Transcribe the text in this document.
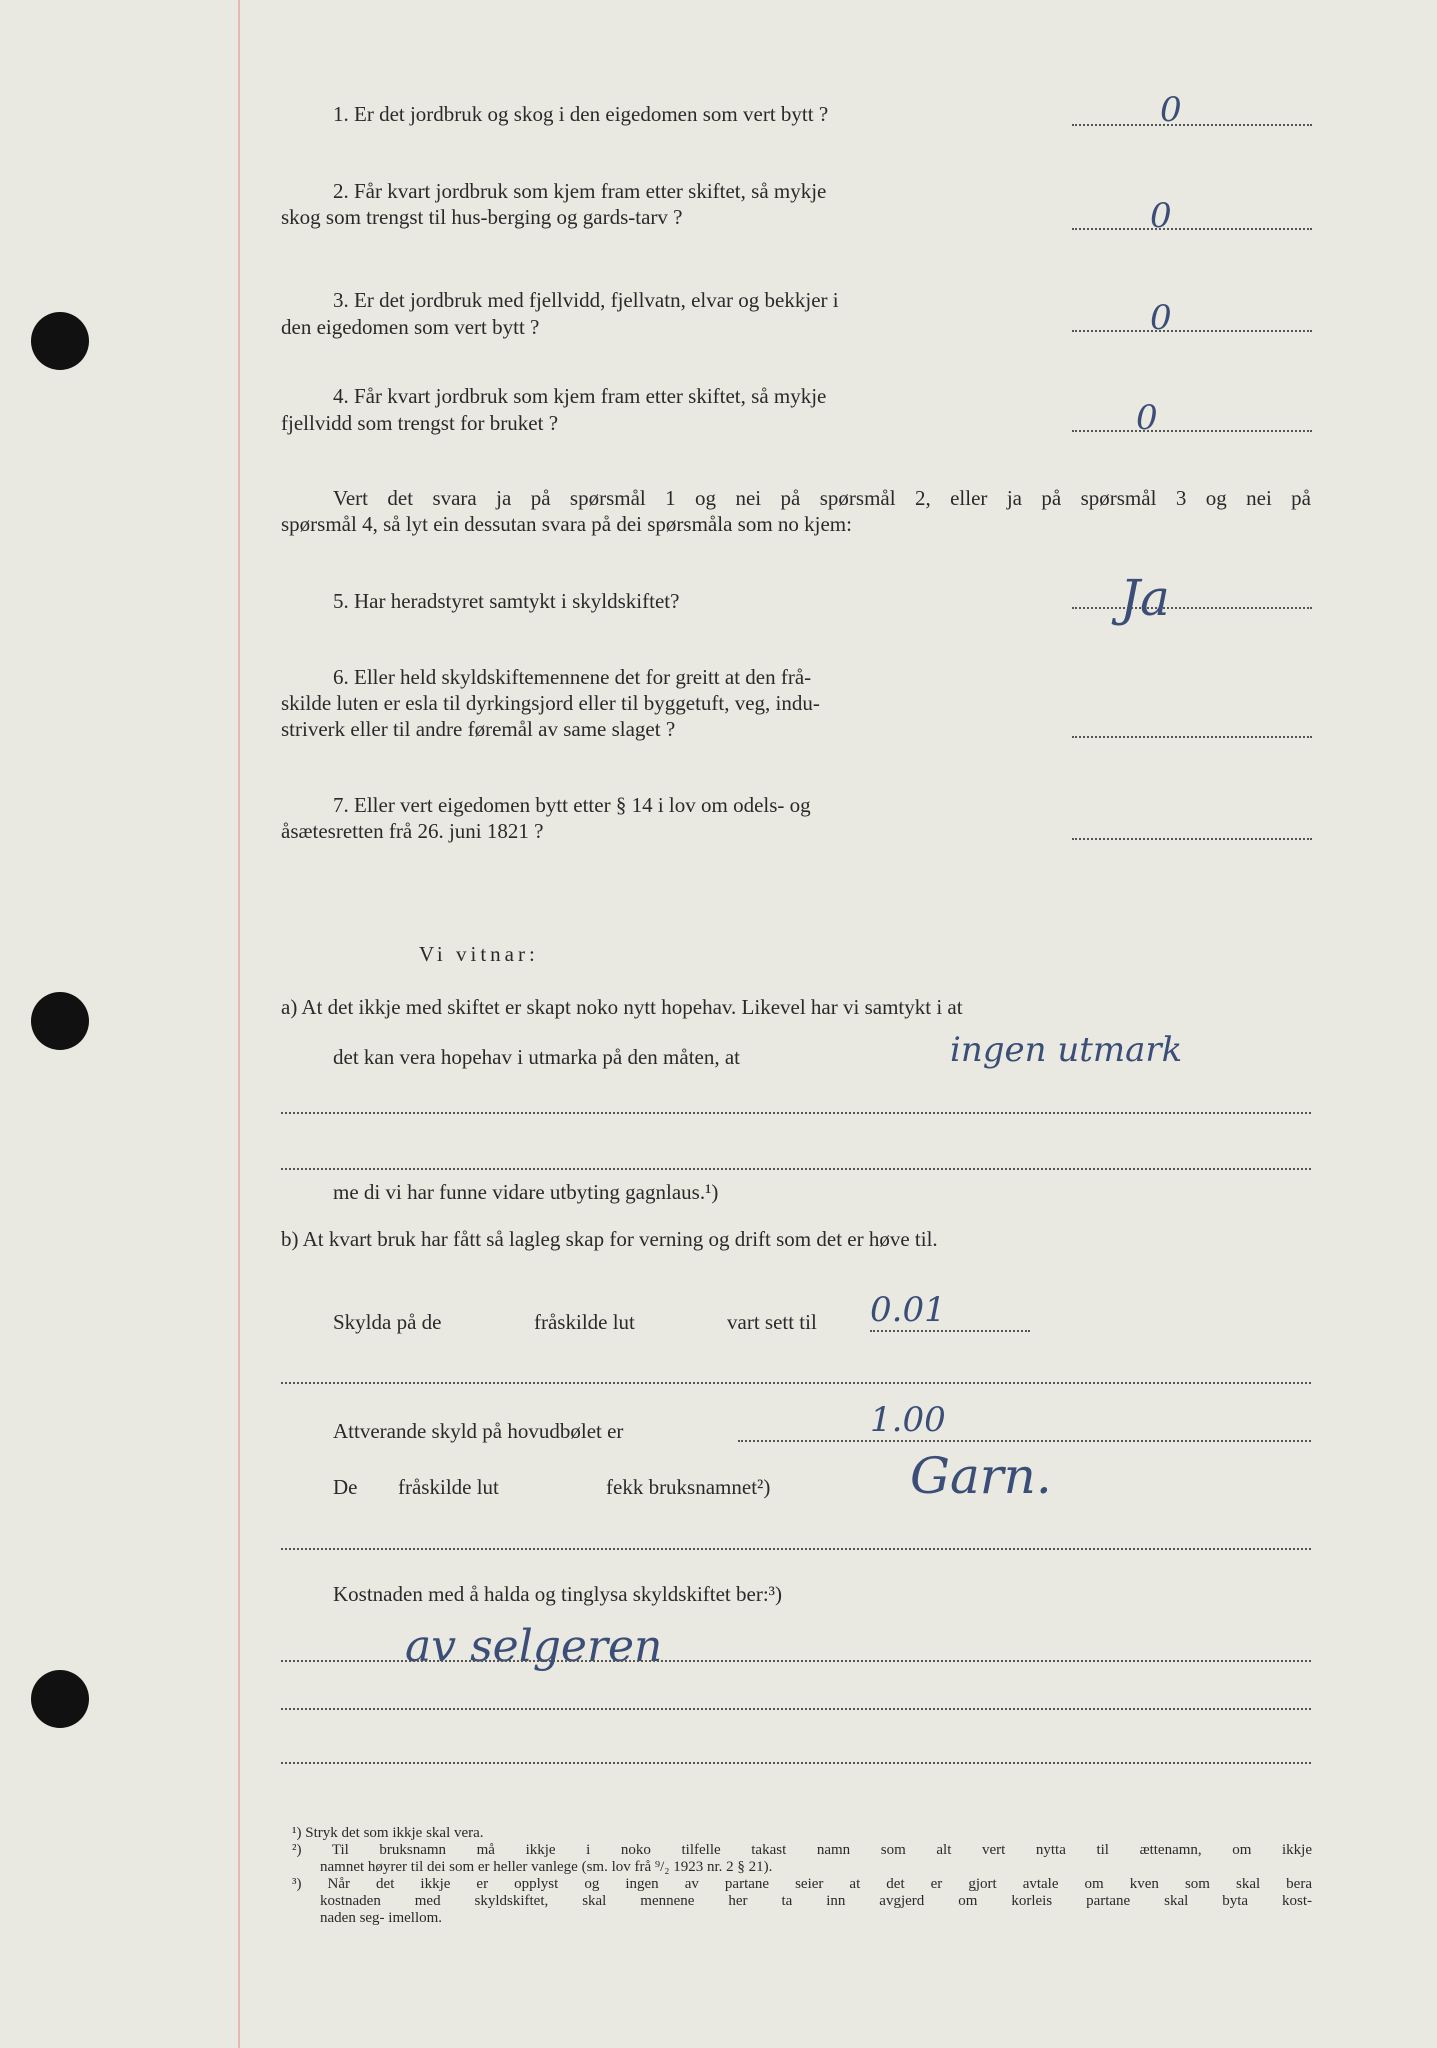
1. Er det jordbruk og skog i den eigedomen som vert bytt ?	0
2. Får kvart jordbruk som kjem fram etter skiftet, så mykje
skog som trengst til hus-berging og gards-tarv ?	0
3. Er det jordbruk med fjellvidd, fjellvatn, elvar og bekkjer i
den eigedomen som vert bytt ?	0
4. Får kvart jordbruk som kjem fram etter skiftet, så mykje
fjellvidd som trengst for bruket ?	0
Vert det svara ja på spørsmål 1 og nei på spørsmål 2, eller ja på spørsmål 3 og nei på
spørsmål 4, så lyt ein dessutan svara på dei spørsmåla som no kjem:
5. Har heradstyret samtykt i skyldskiftet?	Ja
6. Eller held skyldskiftemennene det for greitt at den frå-
skilde luten er esla til dyrkingsjord eller til byggetuft, veg, indu-
striverk eller til andre føremål av same slaget ?
7. Eller vert eigedomen bytt etter § 14 i lov om odels- og
åsætesretten frå 26. juni 1821 ?
Vi vitnar:
a) At det ikkje med skiftet er skapt noko nytt hopehav. Likevel har vi samtykt i at
det kan vera hopehav i utmarka på den måten, at	ingen utmark
me di vi har funne vidare utbyting gagnlaus.¹)
b) At kvart bruk har fått så lagleg skap for verning og drift som det er høve til.
Skylda på de	fråskilde lut	vart sett til 0.01
Attverande skyld på hovudbølet er	1.00
De fråskilde lut	fekk bruksnamnet²)	Garn.
Kostnaden med å halda og tinglysa skyldskiftet ber:³)
av selgeren
¹) Stryk det som ikkje skal vera.
²) Til bruksnamn må ikkje i noko tilfelle takast namn som alt vert nytta til ættenamn, om ikkje
namnet høyrer til dei som er heller vanlege (sm. lov frå ⁹/₂ 1923 nr. 2 § 21).
³) Når det ikkje er opplyst og ingen av partane seier at det er gjort avtale om kven som skal bera
kostnaden med skyldskiftet, skal mennene her ta inn avgjerd om korleis partane skal byta kost-
naden seg- imellom.
